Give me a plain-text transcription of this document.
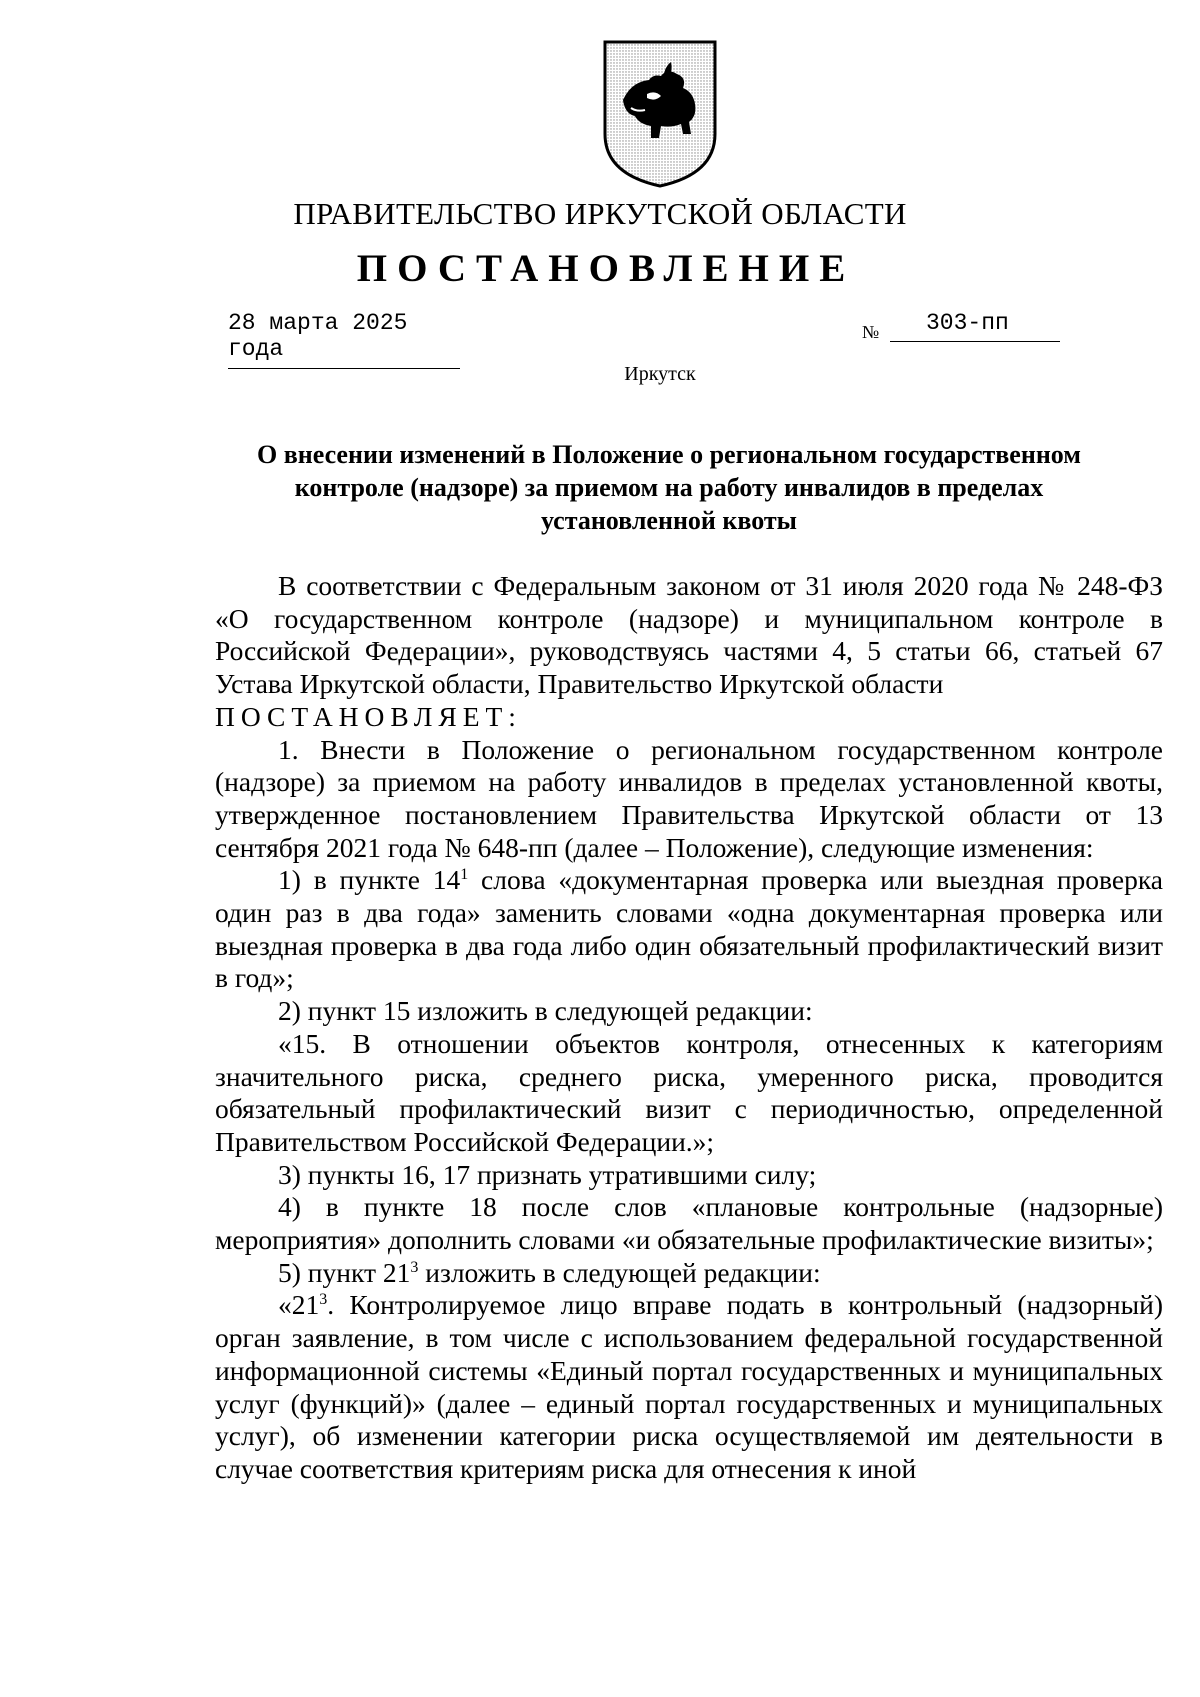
ПРАВИТЕЛЬСТВО ИРКУТСКОЙ ОБЛАСТИ
ПОСТАНОВЛЕНИЕ
28 марта 2025 года
№	303-пп
Иркутск
О внесении изменений в Положение о региональном государственном контроле (надзоре) за приемом на работу инвалидов в пределах установленной квоты

В соответствии с Федеральным законом от 31 июля 2020 года № 248-ФЗ «О государственном контроле (надзоре) и муниципальном контроле в Российской Федерации», руководствуясь частями 4, 5 статьи 66, статьей 67 Устава Иркутской области, Правительство Иркутской области

ПОСТАНОВЛЯЕТ:

1. Внести в Положение о региональном государственном контроле (надзоре) за приемом на работу инвалидов в пределах установленной квоты, утвержденное постановлением Правительства Иркутской области от 13 сентября 2021 года № 648-пп (далее – Положение), следующие изменения:

1) в пункте $14^1$ слова «документарная проверка или выездная проверка один раз в два года» заменить словами «одна документарная проверка или выездная проверка в два года либо один обязательный профилактический визит в год»;

2) пункт 15 изложить в следующей редакции:

«15. В отношении объектов контроля, отнесенных к категориям значительного риска, среднего риска, умеренного риска, проводится обязательный профилактический визит с периодичностью, определенной Правительством Российской Федерации.»;

3) пункты 16, 17 признать утратившими силу;

4) в пункте 18 после слов «плановые контрольные (надзорные) мероприятия» дополнить словами «и обязательные профилактические визиты»;

5) пункт $21^3$ изложить в следующей редакции:

«$21^3$. Контролируемое лицо вправе подать в контрольный (надзорный) орган заявление, в том числе с использованием федеральной государственной информационной системы «Единый портал государственных и муниципальных услуг (функций)» (далее – единый портал государственных и муниципальных услуг), об изменении категории риска осуществляемой им деятельности в случае соответствия критериям риска для отнесения к иной
